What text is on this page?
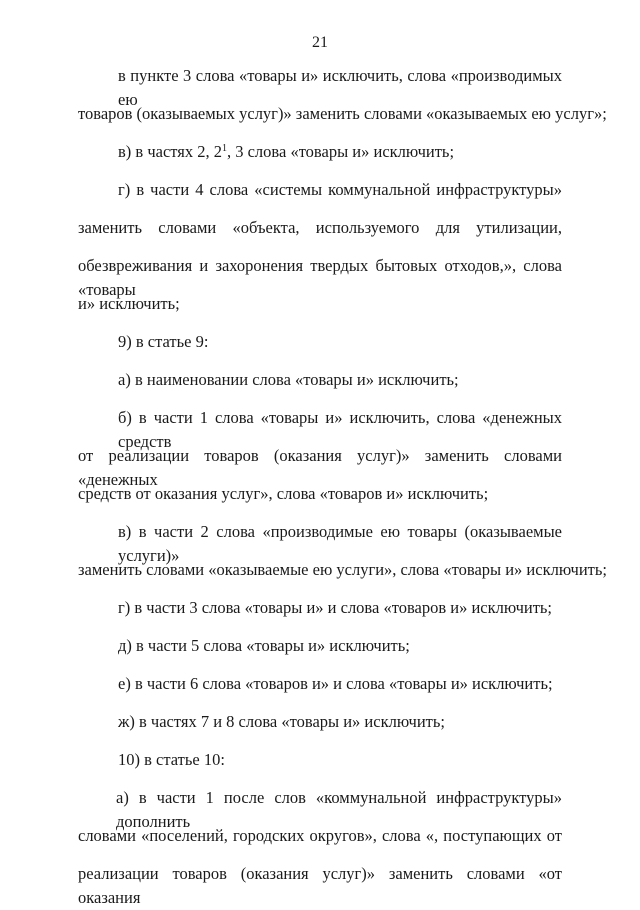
21
в пункте 3 слова «товары и» исключить, слова «производимых ею
товаров (оказываемых услуг)» заменить словами «оказываемых ею услуг»;
в) в частях 2, $2^1$, 3 слова «товары и» исключить;
г) в части 4 слова «системы коммунальной инфраструктуры»
заменить словами «объекта, используемого для утилизации,
обезвреживания и захоронения твердых бытовых отходов,», слова «товары
и» исключить;
9) в статье 9:
а) в наименовании слова «товары и» исключить;
б) в части 1 слова «товары и» исключить, слова «денежных средств
от реализации товаров (оказания услуг)» заменить словами «денежных
средств от оказания услуг», слова «товаров и» исключить;
в) в части 2 слова «производимые ею товары (оказываемые услуги)»
заменить словами «оказываемые ею услуги», слова «товары и» исключить;
г) в части 3 слова «товары и» и слова «товаров и» исключить;
д) в части 5 слова «товары и» исключить;
е) в части 6 слова «товаров и» и слова «товары и» исключить;
ж) в частях 7 и 8 слова «товары и» исключить;
10) в статье 10:
а) в части 1 после слов «коммунальной инфраструктуры» дополнить
словами «поселений, городских округов», слова «, поступающих от
реализации товаров (оказания услуг)» заменить словами «от оказания
